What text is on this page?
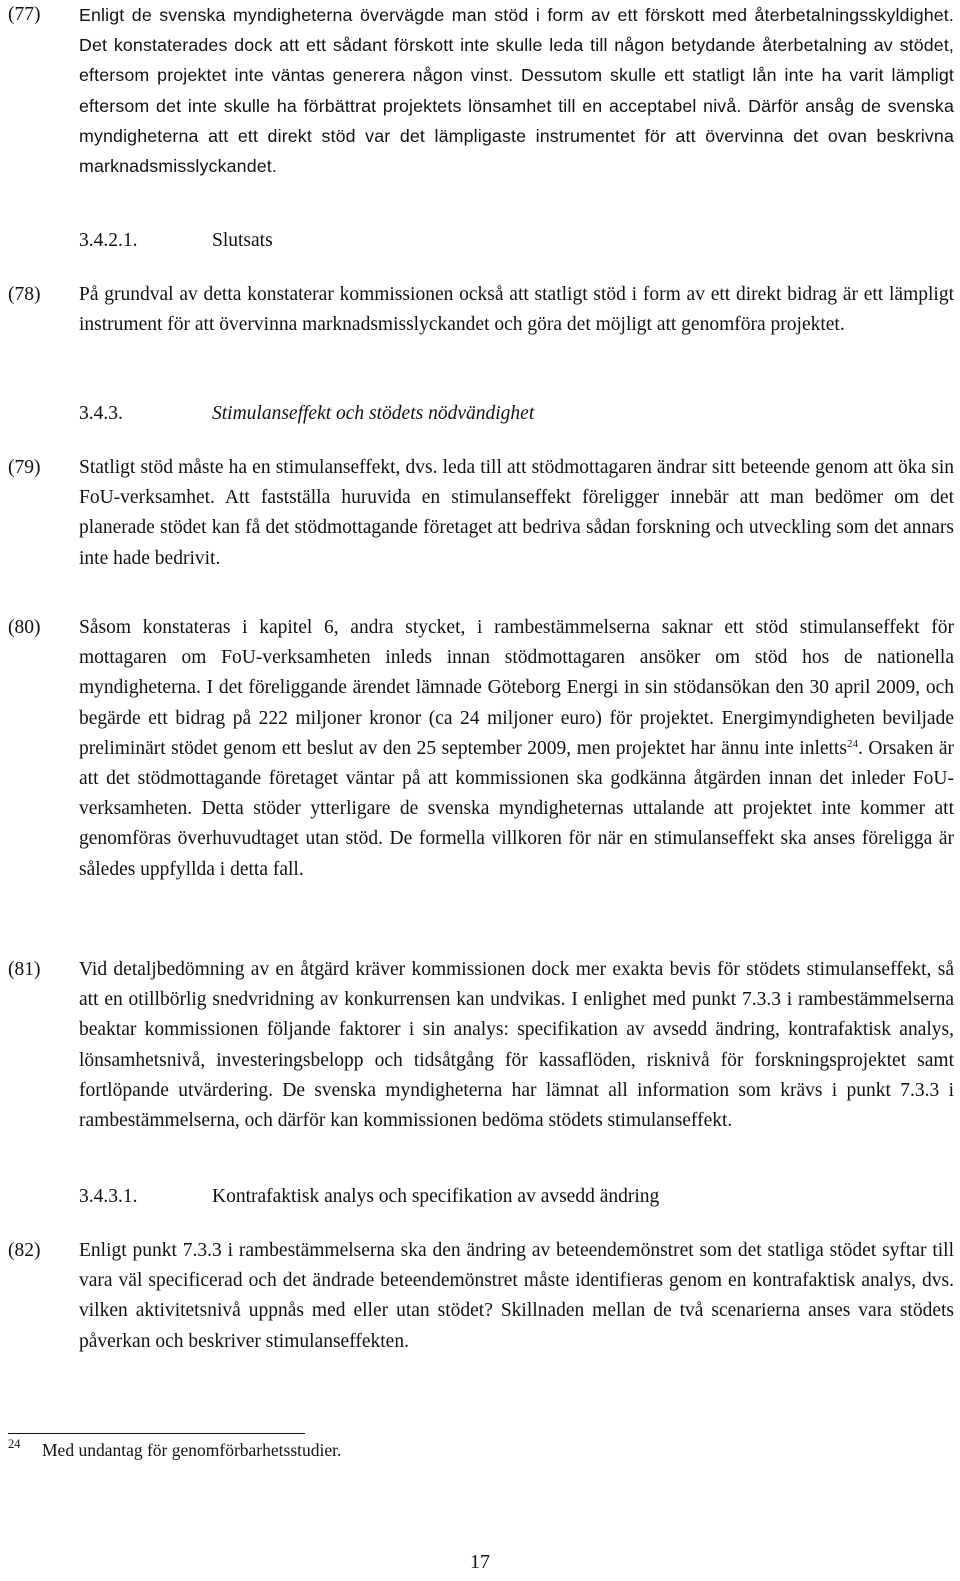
(77)	Enligt de svenska myndigheterna övervägde man stöd i form av ett förskott med återbetalningsskyldighet. Det konstaterades dock att ett sådant förskott inte skulle leda till någon betydande återbetalning av stödet, eftersom projektet inte väntas generera någon vinst. Dessutom skulle ett statligt lån inte ha varit lämpligt eftersom det inte skulle ha förbättrat projektets lönsamhet till en acceptabel nivå. Därför ansåg de svenska myndigheterna att ett direkt stöd var det lämpligaste instrumentet för att övervinna det ovan beskrivna marknadsmisslyckandet.
3.4.2.1.	Slutsats
(78)	På grundval av detta konstaterar kommissionen också att statligt stöd i form av ett direkt bidrag är ett lämpligt instrument för att övervinna marknadsmisslyckandet och göra det möjligt att genomföra projektet.
3.4.3.	Stimulanseffekt och stödets nödvändighet
(79)	Statligt stöd måste ha en stimulanseffekt, dvs. leda till att stödmottagaren ändrar sitt beteende genom att öka sin FoU-verksamhet. Att fastställa huruvida en stimulanseffekt föreligger innebär att man bedömer om det planerade stödet kan få det stödmottagande företaget att bedriva sådan forskning och utveckling som det annars inte hade bedrivit.
(80)	Såsom konstateras i kapitel 6, andra stycket, i rambestämmelserna saknar ett stöd stimulanseffekt för mottagaren om FoU-verksamheten inleds innan stödmottagaren ansöker om stöd hos de nationella myndigheterna. I det föreliggande ärendet lämnade Göteborg Energi in sin stödansökan den 30 april 2009, och begärde ett bidrag på 222 miljoner kronor (ca 24 miljoner euro) för projektet. Energimyndigheten beviljade preliminärt stödet genom ett beslut av den 25 september 2009, men projektet har ännu inte inletts$^{24}$. Orsaken är att det stödmottagande företaget väntar på att kommissionen ska godkänna åtgärden innan det inleder FoU-verksamheten. Detta stöder ytterligare de svenska myndigheternas uttalande att projektet inte kommer att genomföras överhuvudtaget utan stöd. De formella villkoren för när en stimulanseffekt ska anses föreligga är således uppfyllda i detta fall.
(81)	Vid detaljbedömning av en åtgärd kräver kommissionen dock mer exakta bevis för stödets stimulanseffekt, så att en otillbörlig snedvridning av konkurrensen kan undvikas. I enlighet med punkt 7.3.3 i rambestämmelserna beaktar kommissionen följande faktorer i sin analys: specifikation av avsedd ändring, kontrafaktisk analys, lönsamhetsnivå, investeringsbelopp och tidsåtgång för kassaflöden, risknivå för forskningsprojektet samt fortlöpande utvärdering. De svenska myndigheterna har lämnat all information som krävs i punkt 7.3.3 i rambestämmelserna, och därför kan kommissionen bedöma stödets stimulanseffekt.
3.4.3.1.	Kontrafaktisk analys och specifikation av avsedd ändring
(82)	Enligt punkt 7.3.3 i rambestämmelserna ska den ändring av beteendemönstret som det statliga stödet syftar till vara väl specificerad och det ändrade beteendemönstret måste identifieras genom en kontrafaktisk analys, dvs. vilken aktivitetsnivå uppnås med eller utan stödet? Skillnaden mellan de två scenarierna anses vara stödets påverkan och beskriver stimulanseffekten.
24 Med undantag för genomförbarhetsstudier.
17
